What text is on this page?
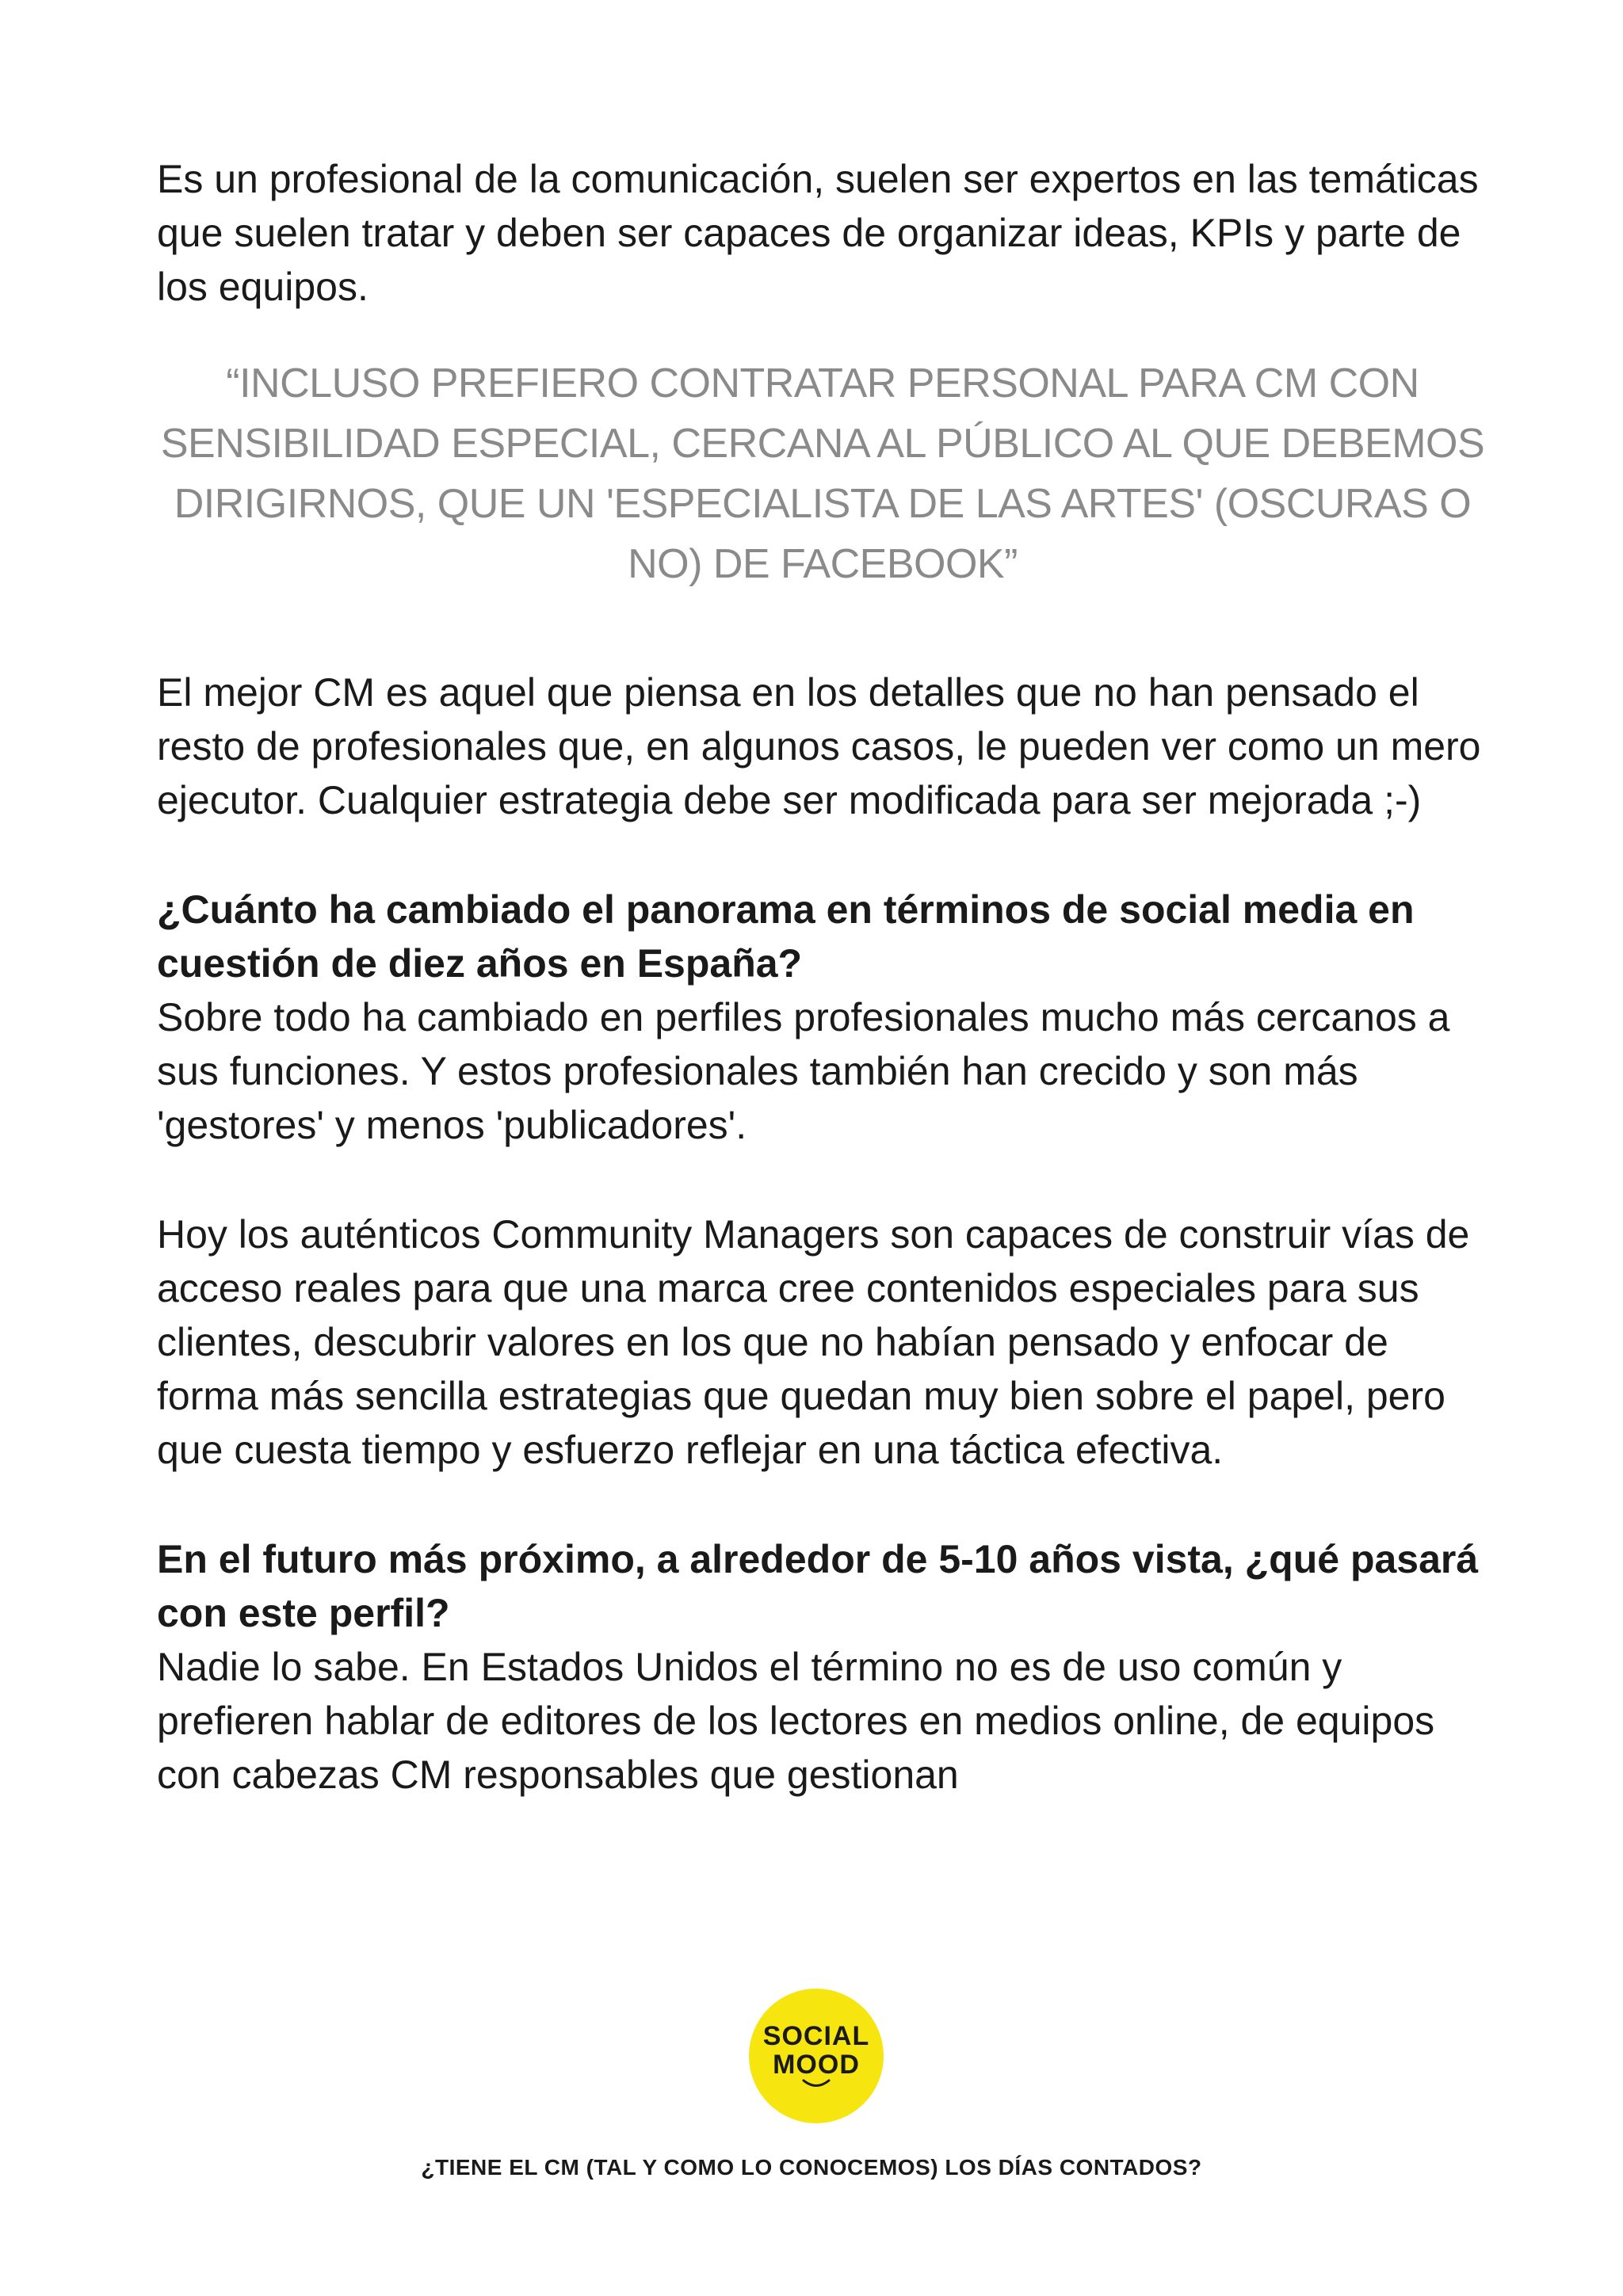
Es un profesional de la comunicación, suelen ser expertos en las temáticas que suelen tratar y deben ser capaces de organizar ideas, KPIs y parte de los equipos.

“INCLUSO PREFIERO CONTRATAR PERSONAL PARA CM CON SENSIBILIDAD ESPECIAL, CERCANA AL PÚBLICO AL QUE DEBEMOS DIRIGIRNOS, QUE UN 'ESPECIALISTA DE LAS ARTES' (OSCURAS O NO) DE FACEBOOK”

El mejor CM es aquel que piensa en los detalles que no han pensado el resto de profesionales que, en algunos casos, le pueden ver como un mero ejecutor. Cualquier estrategia debe ser modificada para ser mejorada ;-)

¿Cuánto ha cambiado el panorama en términos de social media en cuestión de diez años en España?

Sobre todo ha cambiado en perfiles profesionales mucho más cercanos a sus funciones. Y estos profesionales también han crecido y son más 'gestores' y menos 'publicadores'.

Hoy los auténticos Community Managers son capaces de construir vías de acceso reales para que una marca cree contenidos especiales para sus clientes, descubrir valores en los que no habían pensado y enfocar de forma más sencilla estrategias que quedan muy bien sobre el papel, pero que cuesta tiempo y esfuerzo reflejar en una táctica efectiva.

En el futuro más próximo, a alrededor de 5-10 años vista, ¿qué pasará con este perfil?

Nadie lo sabe. En Estados Unidos el término no es de uso común y prefieren hablar de editores de los lectores en medios online, de equipos con cabezas CM responsables que gestionan

SOCIAL
MOOD

¿TIENE EL CM (TAL Y COMO LO CONOCEMOS) LOS DÍAS CONTADOS?
